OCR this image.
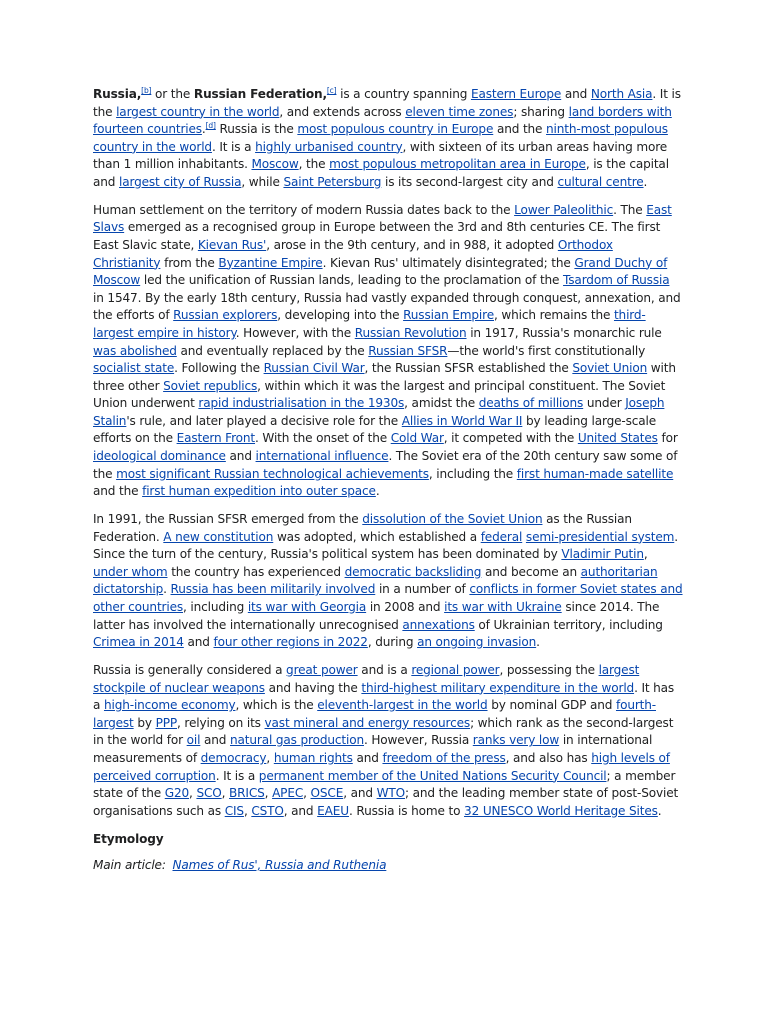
Russia,[b] or the Russian Federation,[c] is a country spanning Eastern Europe and North Asia. It is the largest country in the world, and extends across eleven time zones; sharing land borders with fourteen countries.[d] Russia is the most populous country in Europe and the ninth-most populous country in the world. It is a highly urbanised country, with sixteen of its urban areas having more than 1 million inhabitants. Moscow, the most populous metropolitan area in Europe, is the capital and largest city of Russia, while Saint Petersburg is its second-largest city and cultural centre.

Human settlement on the territory of modern Russia dates back to the Lower Paleolithic. The East Slavs emerged as a recognised group in Europe between the 3rd and 8th centuries CE. The first East Slavic state, Kievan Rus', arose in the 9th century, and in 988, it adopted Orthodox Christianity from the Byzantine Empire. Kievan Rus' ultimately disintegrated; the Grand Duchy of Moscow led the unification of Russian lands, leading to the proclamation of the Tsardom of Russia in 1547. By the early 18th century, Russia had vastly expanded through conquest, annexation, and the efforts of Russian explorers, developing into the Russian Empire, which remains the third-largest empire in history. However, with the Russian Revolution in 1917, Russia's monarchic rule was abolished and eventually replaced by the Russian SFSR—the world's first constitutionally socialist state. Following the Russian Civil War, the Russian SFSR established the Soviet Union with three other Soviet republics, within which it was the largest and principal constituent. The Soviet Union underwent rapid industrialisation in the 1930s, amidst the deaths of millions under Joseph Stalin's rule, and later played a decisive role for the Allies in World War II by leading large-scale efforts on the Eastern Front. With the onset of the Cold War, it competed with the United States for ideological dominance and international influence. The Soviet era of the 20th century saw some of the most significant Russian technological achievements, including the first human-made satellite and the first human expedition into outer space.

In 1991, the Russian SFSR emerged from the dissolution of the Soviet Union as the Russian Federation. A new constitution was adopted, which established a federal semi-presidential system. Since the turn of the century, Russia's political system has been dominated by Vladimir Putin, under whom the country has experienced democratic backsliding and become an authoritarian dictatorship. Russia has been militarily involved in a number of conflicts in former Soviet states and other countries, including its war with Georgia in 2008 and its war with Ukraine since 2014. The latter has involved the internationally unrecognised annexations of Ukrainian territory, including Crimea in 2014 and four other regions in 2022, during an ongoing invasion.

Russia is generally considered a great power and is a regional power, possessing the largest stockpile of nuclear weapons and having the third-highest military expenditure in the world. It has a high-income economy, which is the eleventh-largest in the world by nominal GDP and fourth-largest by PPP, relying on its vast mineral and energy resources; which rank as the second-largest in the world for oil and natural gas production. However, Russia ranks very low in international measurements of democracy, human rights and freedom of the press, and also has high levels of perceived corruption. It is a permanent member of the United Nations Security Council; a member state of the G20, SCO, BRICS, APEC, OSCE, and WTO; and the leading member state of post-Soviet organisations such as CIS, CSTO, and EAEU. Russia is home to 32 UNESCO World Heritage Sites.

Etymology
Main article: Names of Rus', Russia and Ruthenia
